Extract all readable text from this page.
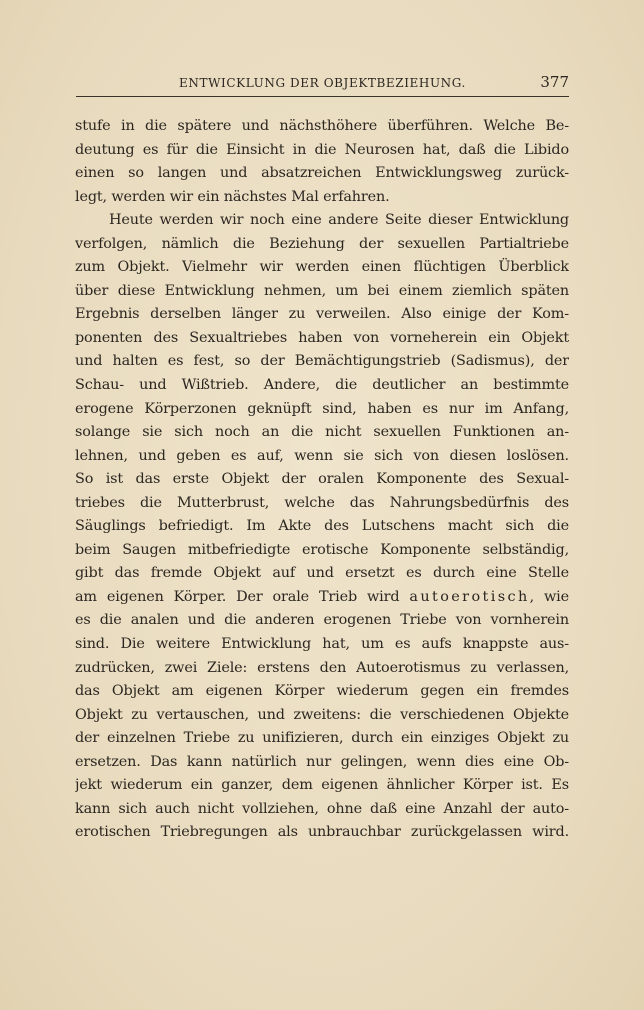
ENTWICKLUNG DER OBJEKTBEZIEHUNG.	377
stufe in die spätere und nächsthöhere überführen. Welche Be-
deutung es für die Einsicht in die Neurosen hat, daß die Libido
einen so langen und absatzreichen Entwicklungsweg zurück-
legt, werden wir ein nächstes Mal erfahren.
Heute werden wir noch eine andere Seite dieser Entwicklung
verfolgen, nämlich die Beziehung der sexuellen Partialtriebe
zum Objekt. Vielmehr wir werden einen flüchtigen Überblick
über diese Entwicklung nehmen, um bei einem ziemlich späten
Ergebnis derselben länger zu verweilen. Also einige der Kom-
ponenten des Sexualtriebes haben von vorneherein ein Objekt
und halten es fest, so der Bemächtigungstrieb (Sadismus), der
Schau- und Wißtrieb. Andere, die deutlicher an bestimmte
erogene Körperzonen geknüpft sind, haben es nur im Anfang,
solange sie sich noch an die nicht sexuellen Funktionen an-
lehnen, und geben es auf, wenn sie sich von diesen loslösen.
So ist das erste Objekt der oralen Komponente des Sexual-
triebes die Mutterbrust, welche das Nahrungsbedürfnis des
Säuglings befriedigt. Im Akte des Lutschens macht sich die
beim Saugen mitbefriedigte erotische Komponente selbständig,
gibt das fremde Objekt auf und ersetzt es durch eine Stelle
am eigenen Körper. Der orale Trieb wird autoerotisch, wie
es die analen und die anderen erogenen Triebe von vornherein
sind. Die weitere Entwicklung hat, um es aufs knappste aus-
zudrücken, zwei Ziele: erstens den Autoerotismus zu verlassen,
das Objekt am eigenen Körper wiederum gegen ein fremdes
Objekt zu vertauschen, und zweitens: die verschiedenen Objekte
der einzelnen Triebe zu unifizieren, durch ein einziges Objekt zu
ersetzen. Das kann natürlich nur gelingen, wenn dies eine Ob-
jekt wiederum ein ganzer, dem eigenen ähnlicher Körper ist. Es
kann sich auch nicht vollziehen, ohne daß eine Anzahl der auto-
erotischen Triebregungen als unbrauchbar zurückgelassen wird.
